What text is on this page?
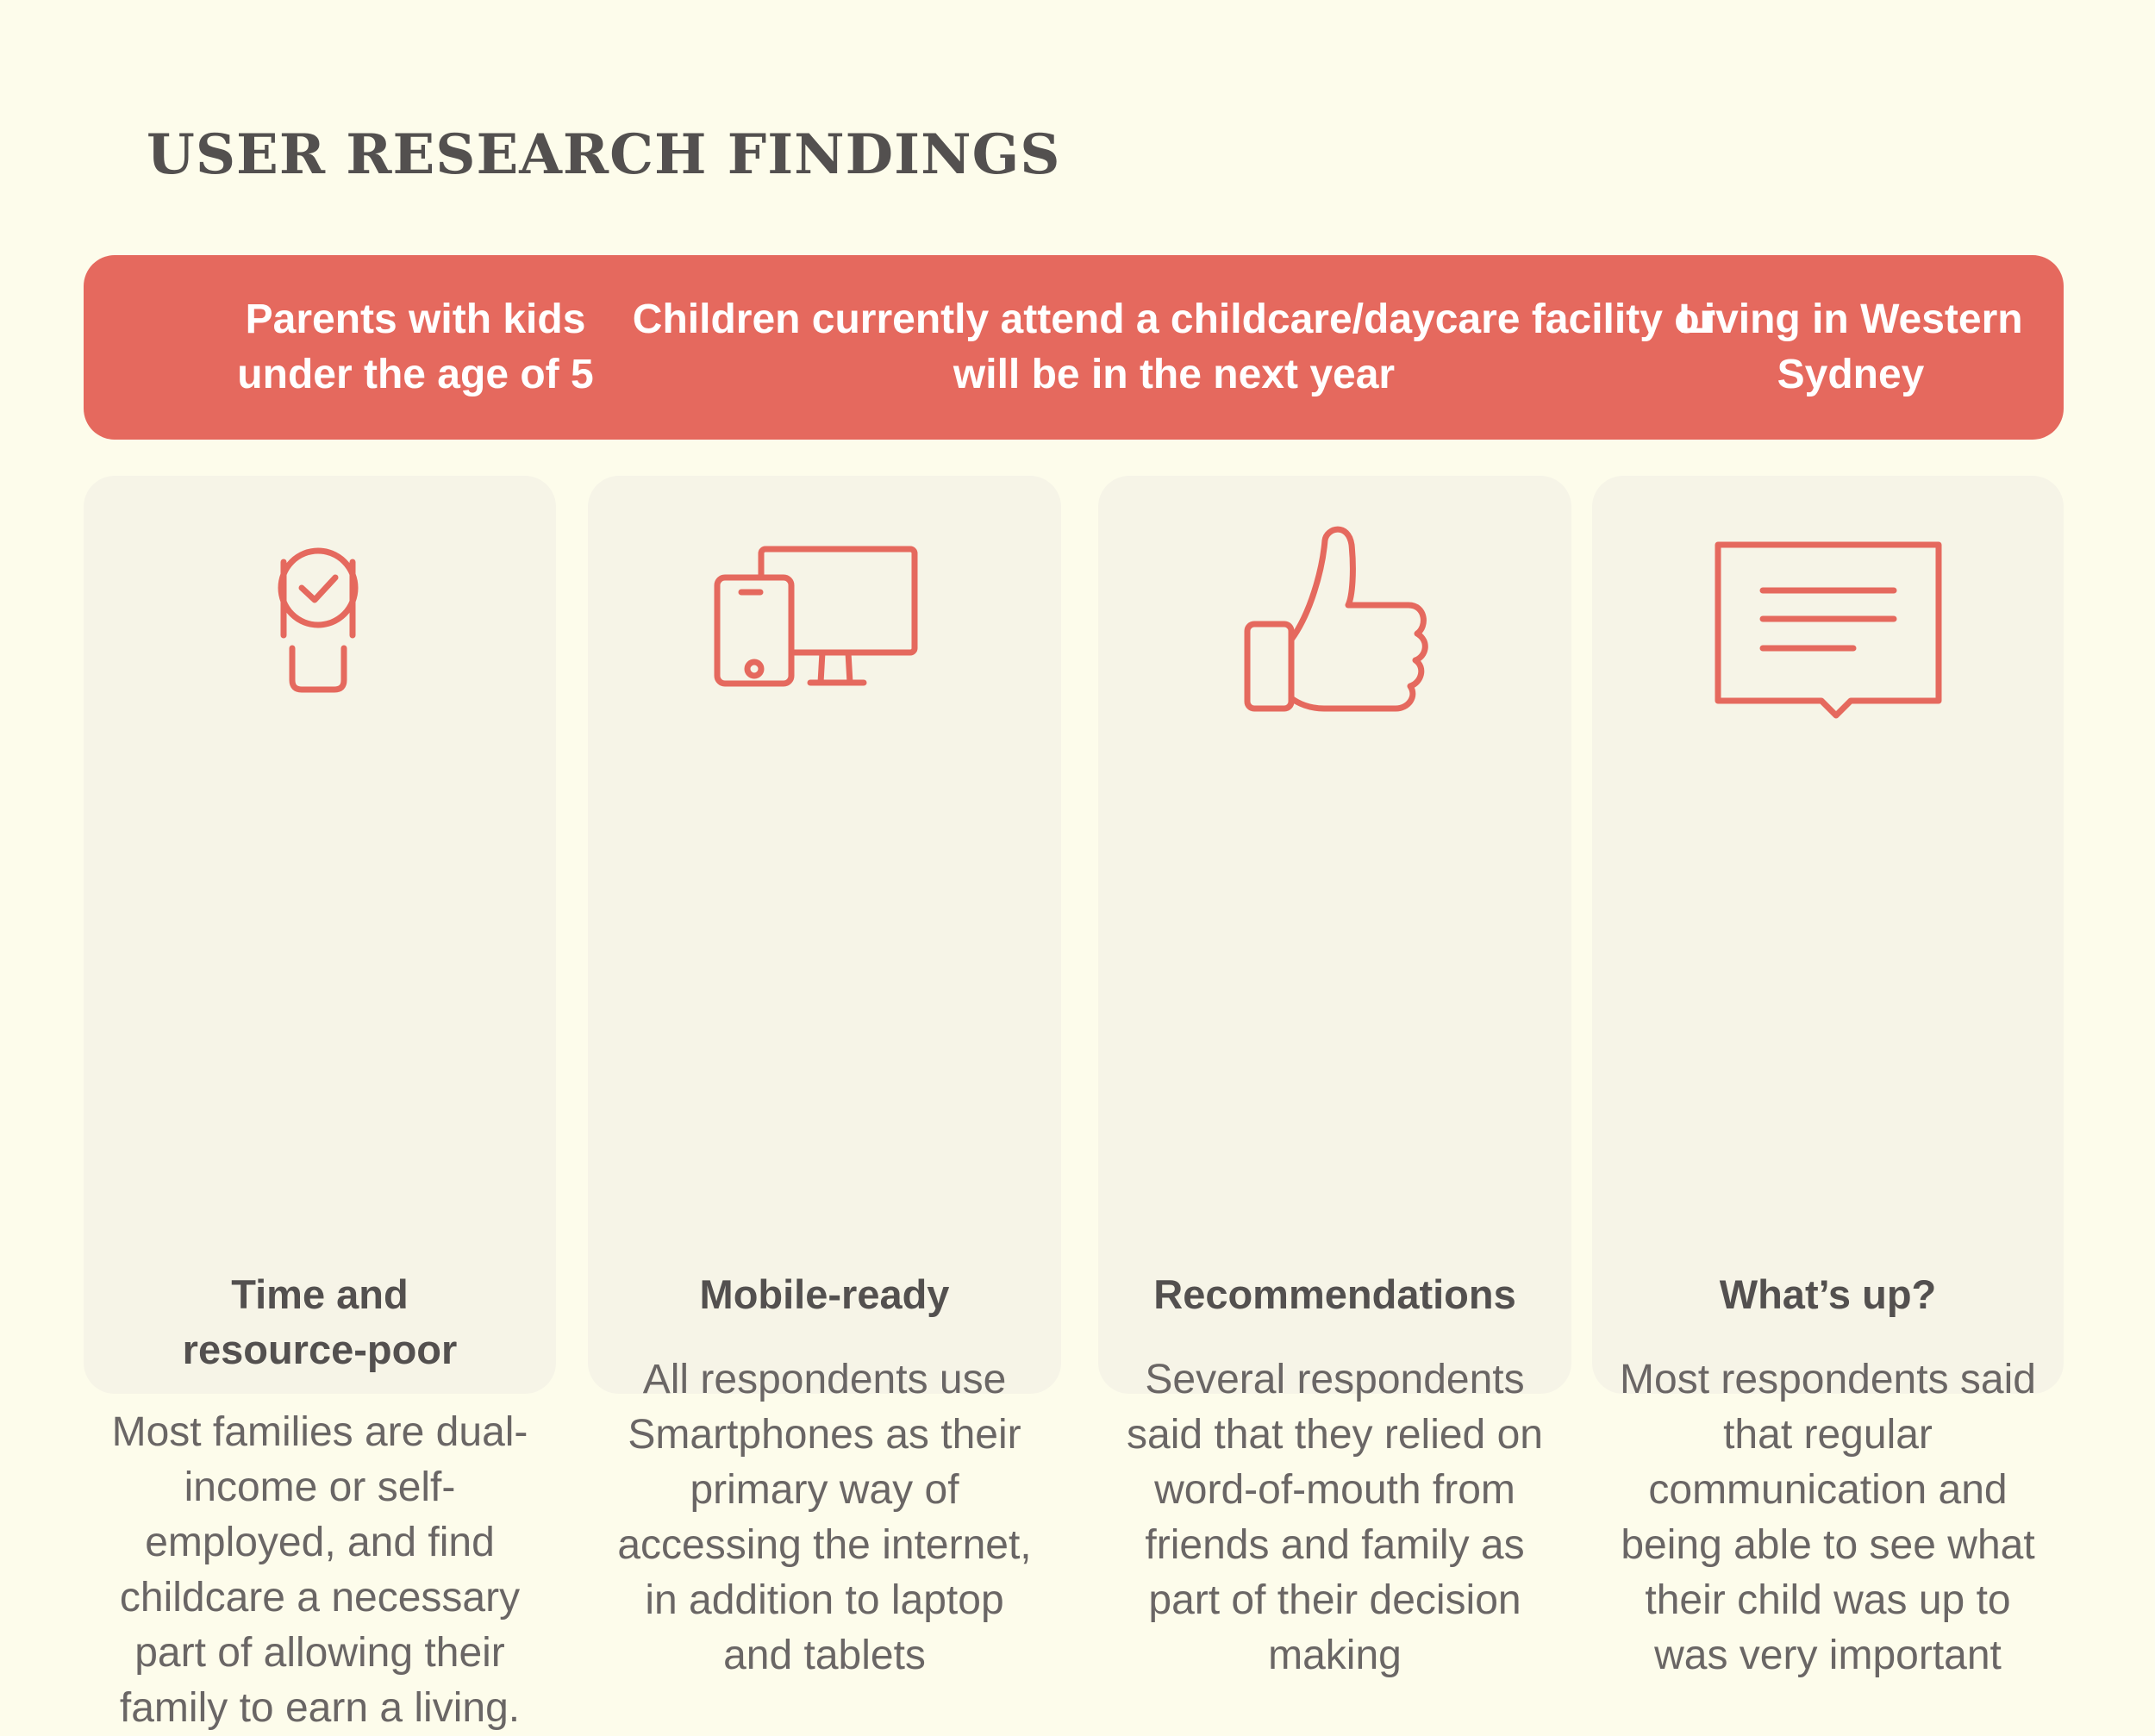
USER RESEARCH FINDINGS
Parents with kids under the age of 5
Children currently attend a childcare/daycare facility or will be in the next year
Living in Western Sydney
Time and resource-poor

Most families are dual-income or self-employed, and find childcare a necessary part of allowing their family to earn a living.

Mobile-ready

All respondents use Smartphones as their primary way of accessing the internet, in addition to laptop and tablets

Recommendations

Several respondents said that they relied on word-of-mouth from friends and family as part of their decision making

What’s up?

Most respondents said that regular communication and being able to see what their child was up to was very important
